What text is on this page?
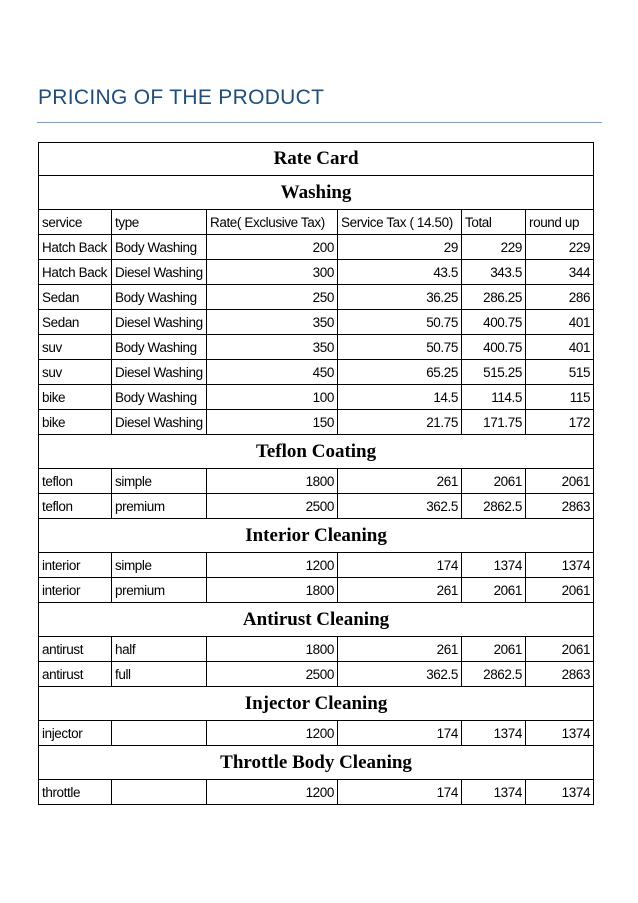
PRICING OF THE PRODUCT
Rate Card					
Washing					
service	type	Rate( Exclusive Tax)	Service Tax ( 14.50)	Total	round up
Hatch Back	Body Washing	200	29	229	229
Hatch Back	Diesel Washing	300	43.5	343.5	344
Sedan	Body Washing	250	36.25	286.25	286
Sedan	Diesel Washing	350	50.75	400.75	401
suv	Body Washing	350	50.75	400.75	401
suv	Diesel Washing	450	65.25	515.25	515
bike	Body Washing	100	14.5	114.5	115
bike	Diesel Washing	150	21.75	171.75	172
Teflon Coating					
teflon	simple	1800	261	2061	2061
teflon	premium	2500	362.5	2862.5	2863
Interior Cleaning					
interior	simple	1200	174	1374	1374
interior	premium	1800	261	2061	2061
Antirust Cleaning					
antirust	half	1800	261	2061	2061
antirust	full	2500	362.5	2862.5	2863
Injector Cleaning					
injector		1200	174	1374	1374
Throttle Body Cleaning					
throttle		1200	174	1374	1374
